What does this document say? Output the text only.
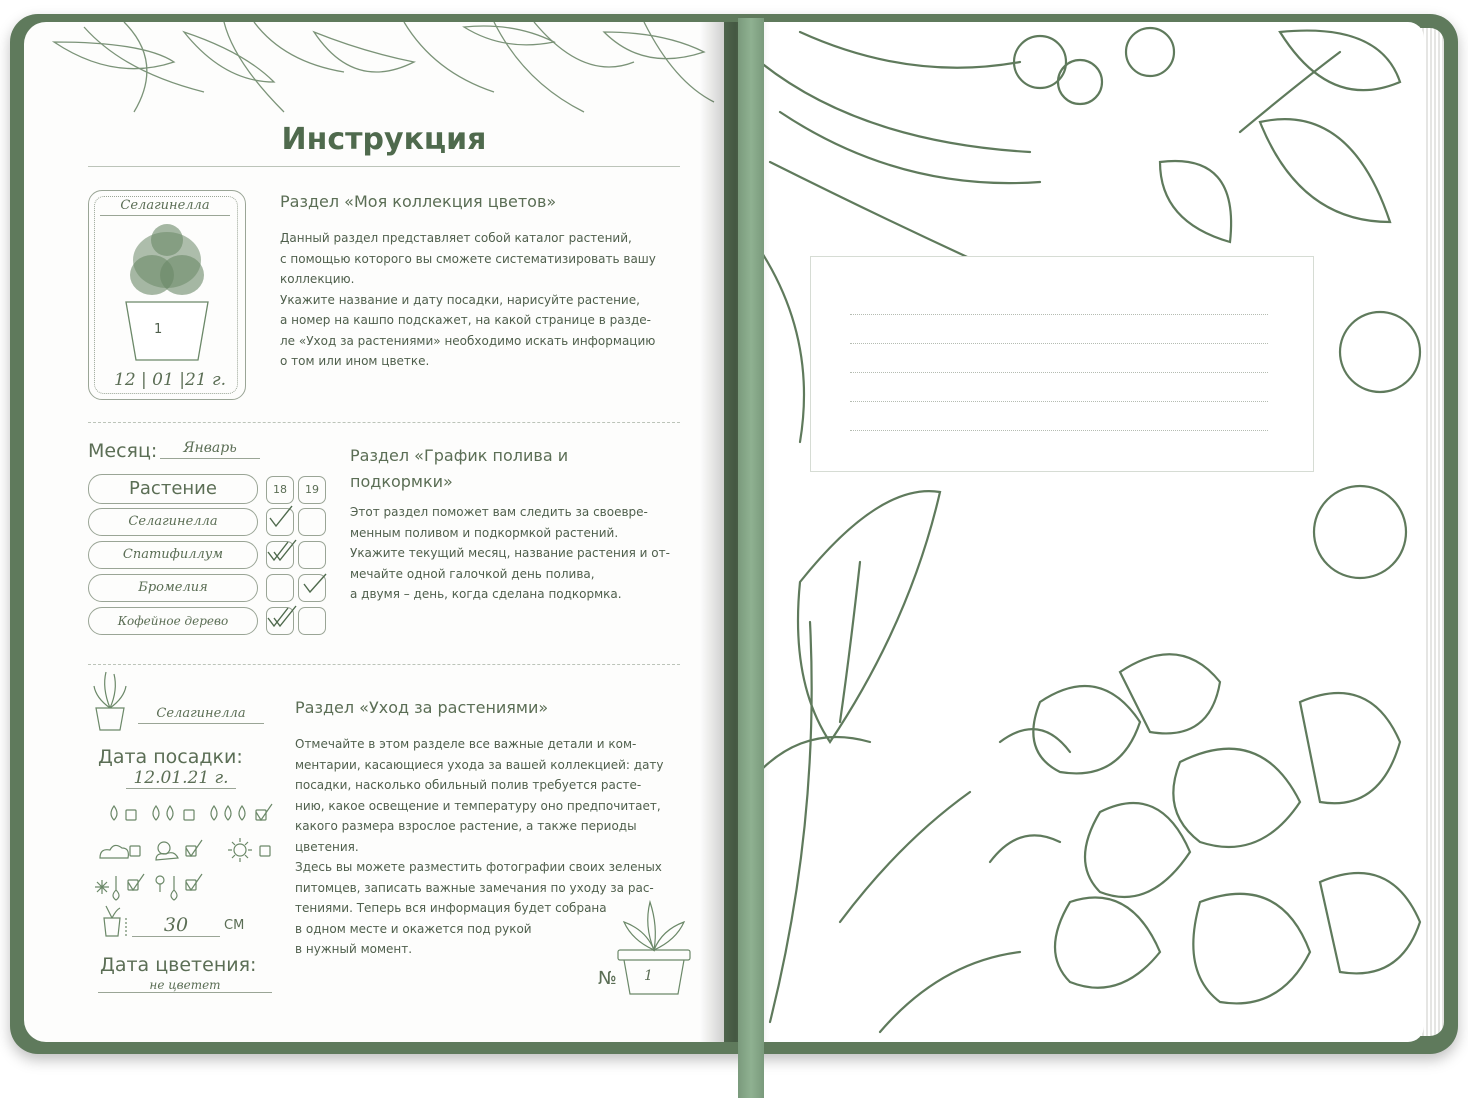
Инструкция
Селагинелла
1
12 | 01 |21 г.
Раздел «Моя коллекция цветов»
Данный раздел представляет собой каталог растений,
с помощью которого вы сможете систематизировать вашу
коллекцию.
Укажите название и дату посадки, нарисуйте растение,
а номер на кашпо подскажет, на какой странице в разде-
ле «Уход за растениями» необходимо искать информацию
о том или ином цветке.
Месяц:	Январь
Растение	18	19
Селагинелла
Спатифиллум
Бромелия
Кофейное дерево
Раздел «График полива и
подкормки»
Этот раздел поможет вам следить за своевре-
менным поливом и подкормкой растений.
Укажите текущий месяц, название растения и от-
мечайте одной галочкой день полива,
а двумя – день, когда сделана подкормка.
Селагинелла
Дата посадки:
12.01.21 г.
30	СМ
Дата цветения:
не цветет
Раздел «Уход за растениями»
Отмечайте в этом разделе все важные детали и ком-
ментарии, касающиеся ухода за вашей коллекцией: дату
посадки, насколько обильный полив требуется расте-
нию, какое освещение и температуру оно предпочитает,
какого размера взрослое растение, а также периоды
цветения.
Здесь вы можете разместить фотографии своих зеленых
питомцев, записать важные замечания по уходу за рас-
тениями. Теперь вся информация будет собрана
в одном месте и окажется под рукой
в нужный момент.
№ 1
